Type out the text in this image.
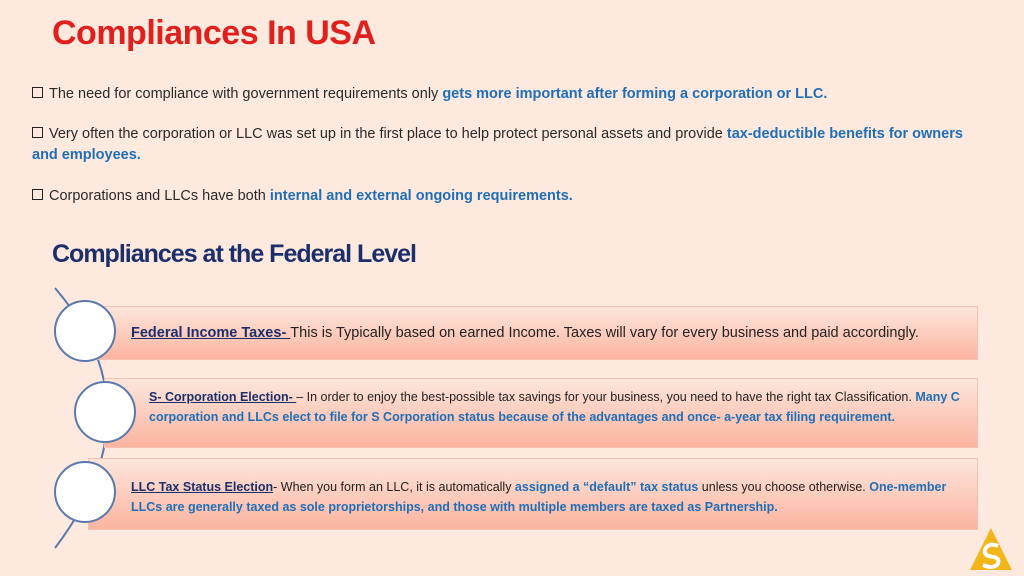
Compliances In USA
The need for compliance with government requirements only gets more important after forming a corporation or LLC.
Very often the corporation or LLC was set up in the first place to help protect personal assets and provide tax-deductible benefits for owners and employees.
Corporations and LLCs have both internal and external ongoing requirements.
Compliances at the Federal Level
Federal Income Taxes- This is Typically based on earned Income. Taxes will vary for every business and paid accordingly.
S- Corporation Election- – In order to enjoy the best-possible tax savings for your business, you need to have the right tax Classification. Many C corporation and LLCs elect to file for S Corporation status because of the advantages and once- a-year tax filing requirement.
LLC Tax Status Election- When you form an LLC, it is automatically assigned a “default” tax status unless you choose otherwise. One-member LLCs are generally taxed as sole proprietorships, and those with multiple members are taxed as Partnership.
